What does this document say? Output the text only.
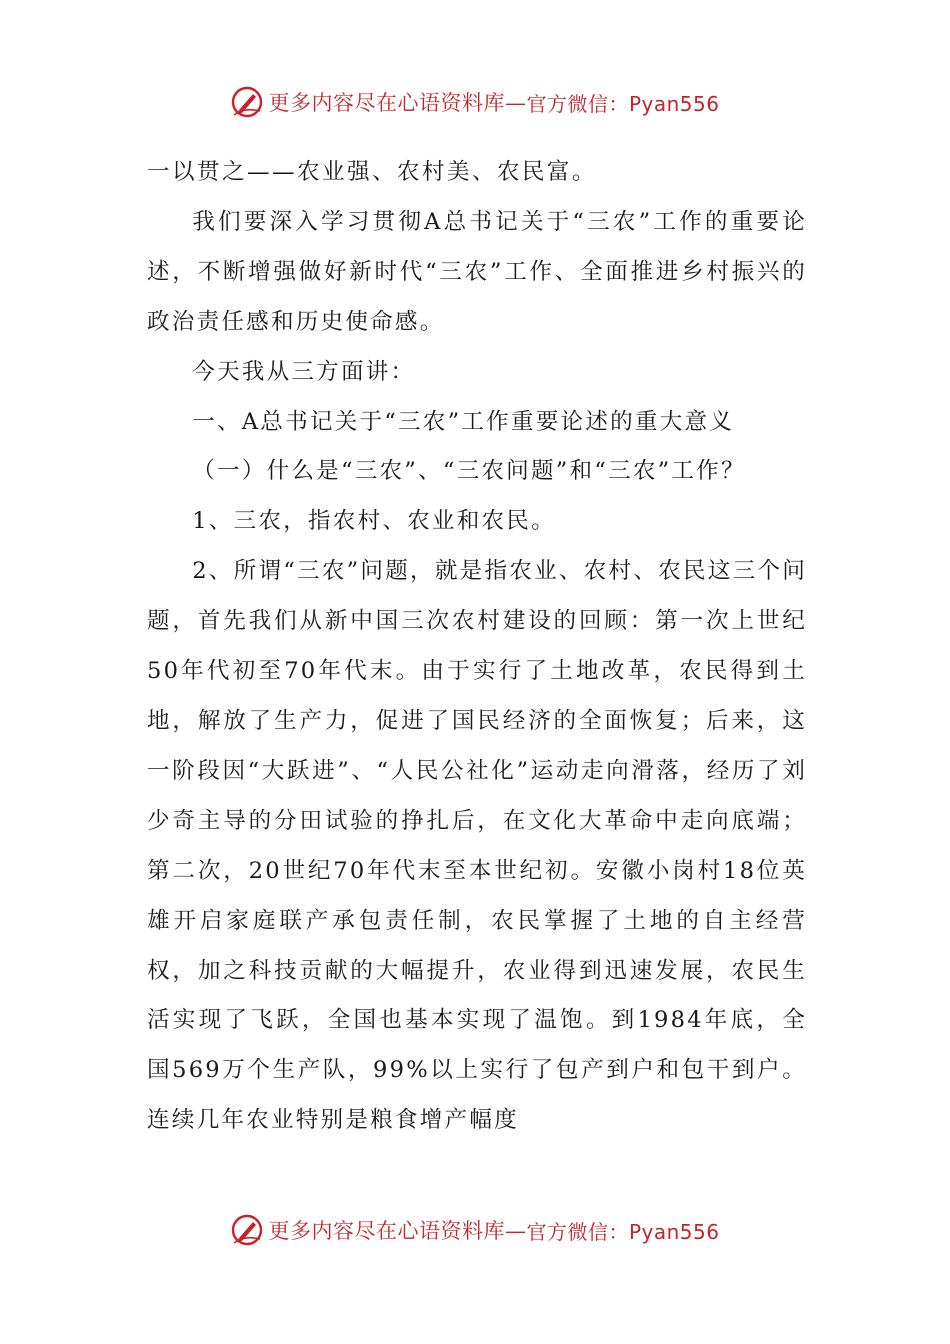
更多内容尽在心语资料库— 官方微信：Pyan556

一以贯之——农业强、农村美、农民富。

我们要深入学习贯彻A总书记关于“三农”工作的重要论述，不断增强做好新时代“三农”工作、全面推进乡村振兴的政治责任感和历史使命感。

今天我从三方面讲：

一、A总书记关于“三农”工作重要论述的重大意义

（一）什么是“三农”、“三农问题”和“三农”工作？

1、三农，指农村、农业和农民。

2、所谓“三农”问题，就是指农业、农村、农民这三个问题，首先我们从新中国三次农村建设的回顾：第一次上世纪50年代初至70年代末。由于实行了土地改革，农民得到土地，解放了生产力，促进了国民经济的全面恢复；后来，这一阶段因“大跃进”、“人民公社化”运动走向滑落，经历了刘少奇主导的分田试验的挣扎后，在文化大革命中走向底端；第二次，20世纪70年代末至本世纪初。安徽小岗村18位英雄开启家庭联产承包责任制，农民掌握了土地的自主经营权，加之科技贡献的大幅提升，农业得到迅速发展，农民生活实现了飞跃，全国也基本实现了温饱。到1984年底，全国569万个生产队，99%以上实行了包产到户和包干到户。连续几年农业特别是粮食增产幅度

更多内容尽在心语资料库— 官方微信：Pyan556
